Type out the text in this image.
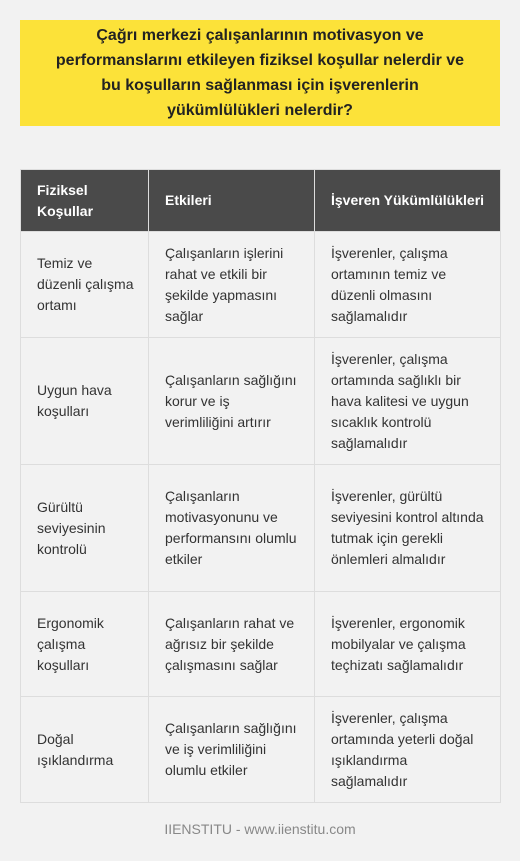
Çağrı merkezi çalışanlarının motivasyon ve performanslarını etkileyen fiziksel koşullar nelerdir ve bu koşulların sağlanması için işverenlerin yükümlülükleri nelerdir?
Fiziksel Koşullar	Etkileri	İşveren Yükümlülükleri
Temiz ve düzenli çalışma ortamı	Çalışanların işlerini rahat ve etkili bir şekilde yapmasını sağlar	İşverenler, çalışma ortamının temiz ve düzenli olmasını sağlamalıdır
Uygun hava koşulları	Çalışanların sağlığını korur ve iş verimliliğini artırır	İşverenler, çalışma ortamında sağlıklı bir hava kalitesi ve uygun sıcaklık kontrolü sağlamalıdır
Gürültü seviyesinin kontrolü	Çalışanların motivasyonunu ve performansını olumlu etkiler	İşverenler, gürültü seviyesini kontrol altında tutmak için gerekli önlemleri almalıdır
Ergonomik çalışma koşulları	Çalışanların rahat ve ağrısız bir şekilde çalışmasını sağlar	İşverenler, ergonomik mobilyalar ve çalışma teçhizatı sağlamalıdır
Doğal ışıklandırma	Çalışanların sağlığını ve iş verimliliğini olumlu etkiler	İşverenler, çalışma ortamında yeterli doğal ışıklandırma sağlamalıdır
IIENSTITU - www.iienstitu.com
